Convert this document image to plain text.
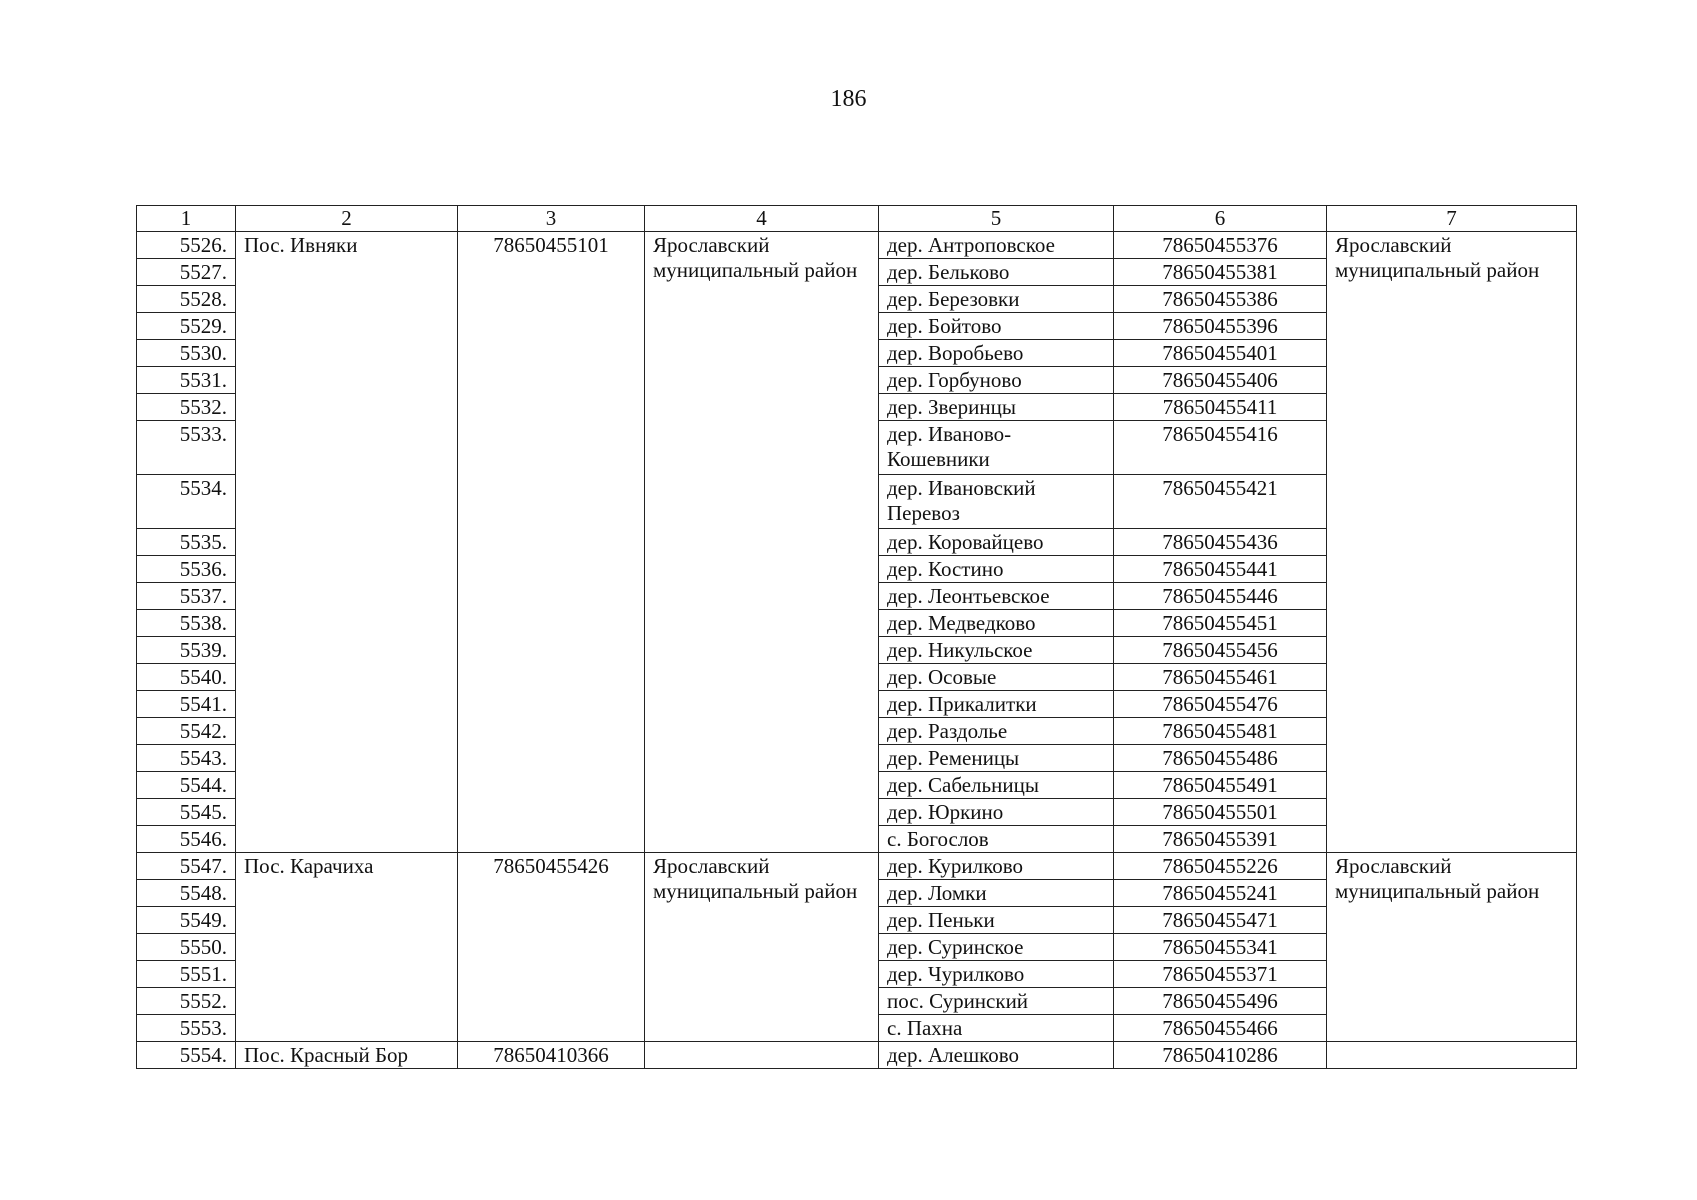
186
1	2	3	4	5	6	7
5526.	Пос. Ивняки	78650455101	Ярославский муниципальный район	дер. Антроповское	78650455376	Ярославский муниципальный район
5527.				дер. Бельково	78650455381	
5528.				дер. Березовки	78650455386	
5529.				дер. Бойтово	78650455396	
5530.				дер. Воробьево	78650455401	
5531.				дер. Горбуново	78650455406	
5532.				дер. Зверинцы	78650455411	
5533.				дер. Иваново-Кошевники	78650455416	
5534.				дер. Ивановский Перевоз	78650455421	
5535.				дер. Коровайцево	78650455436	
5536.				дер. Костино	78650455441	
5537.				дер. Леонтьевское	78650455446	
5538.				дер. Медведково	78650455451	
5539.				дер. Никульское	78650455456	
5540.				дер. Осовые	78650455461	
5541.				дер. Прикалитки	78650455476	
5542.				дер. Раздолье	78650455481	
5543.				дер. Ременицы	78650455486	
5544.				дер. Сабельницы	78650455491	
5545.				дер. Юркино	78650455501	
5546.				с. Богослов	78650455391	
5547.	Пос. Карачиха	78650455426	Ярославский муниципальный район	дер. Курилково	78650455226	Ярославский муниципальный район
5548.				дер. Ломки	78650455241	
5549.				дер. Пеньки	78650455471	
5550.				дер. Суринское	78650455341	
5551.				дер. Чурилково	78650455371	
5552.				пос. Суринский	78650455496	
5553.				с. Пахна	78650455466	
5554.	Пос. Красный Бор	78650410366		дер. Алешково	78650410286	
